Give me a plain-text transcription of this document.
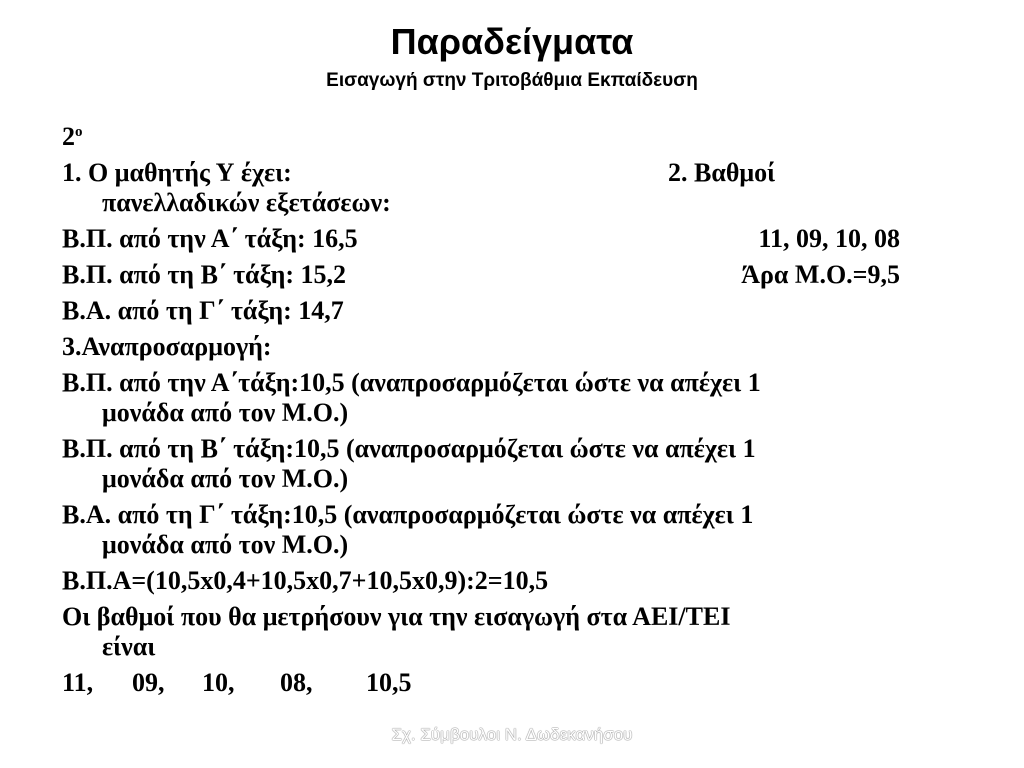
Παραδείγματα
Εισαγωγή στην Τριτοβάθμια Εκπαίδευση
$2^o$
1. Ο μαθητής Υ έχει:	2. Βαθμοί
πανελλαδικών εξετάσεων:
Β.Π. από την Α΄ τάξη: 16,5	11, 09, 10, 08
Β.Π. από τη Β΄ τάξη: 15,2	Άρα Μ.Ο.=9,5
Β.Α. από τη Γ΄ τάξη: 14,7
3.Αναπροσαρμογή:
Β.Π. από την Α΄τάξη:10,5 (αναπροσαρμόζεται ώστε να απέχει 1
μονάδα από τον Μ.Ο.)
Β.Π. από τη Β΄ τάξη:10,5 (αναπροσαρμόζεται ώστε να απέχει 1
μονάδα από τον Μ.Ο.)
Β.Α. από τη Γ΄ τάξη:10,5 (αναπροσαρμόζεται ώστε να απέχει 1
μονάδα από τον Μ.Ο.)
Β.Π.Α=(10,5x0,4+10,5x0,7+10,5x0,9):2=10,5
Οι βαθμοί που θα μετρήσουν για την εισαγωγή στα ΑΕΙ/ΤΕΙ
είναι
11, 09, 10, 08, 10,5
Σχ. Σύμβουλοι Ν. Δωδεκανήσου
